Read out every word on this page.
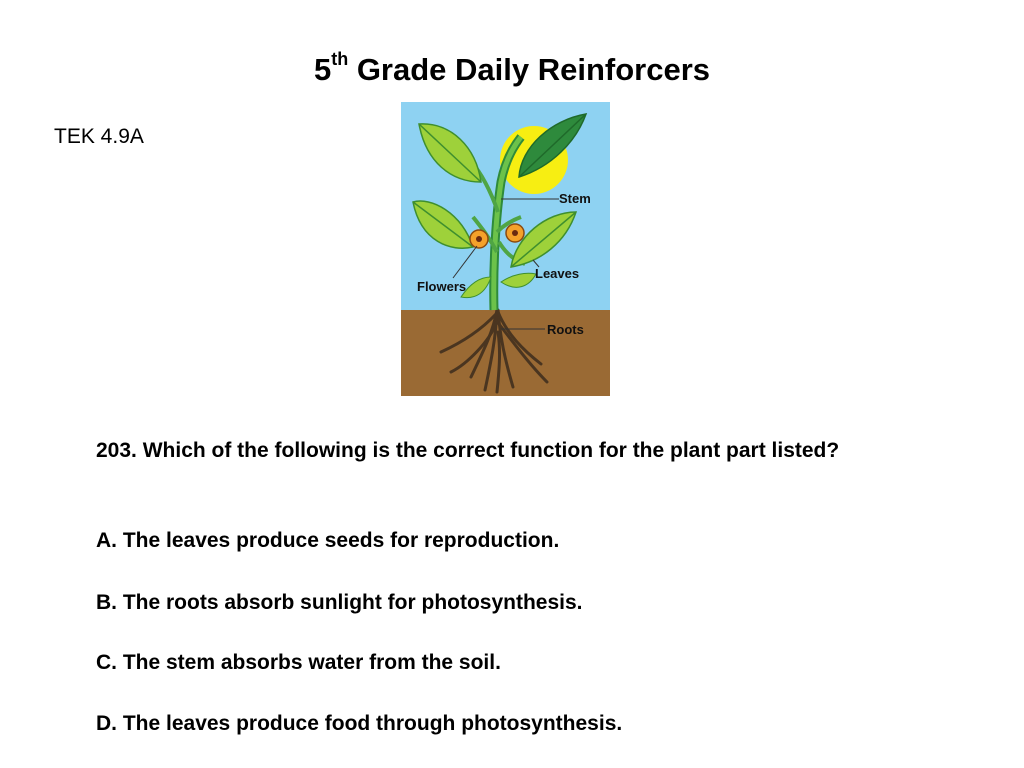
5th Grade Daily Reinforcers
TEK 4.9A
Stem
Leaves
Flowers
Roots
203. Which of the following is the correct function for the plant part listed?
A. The leaves produce seeds for reproduction.
B. The roots absorb sunlight for photosynthesis.
C. The stem absorbs water from the soil.
D. The leaves produce food through photosynthesis.
